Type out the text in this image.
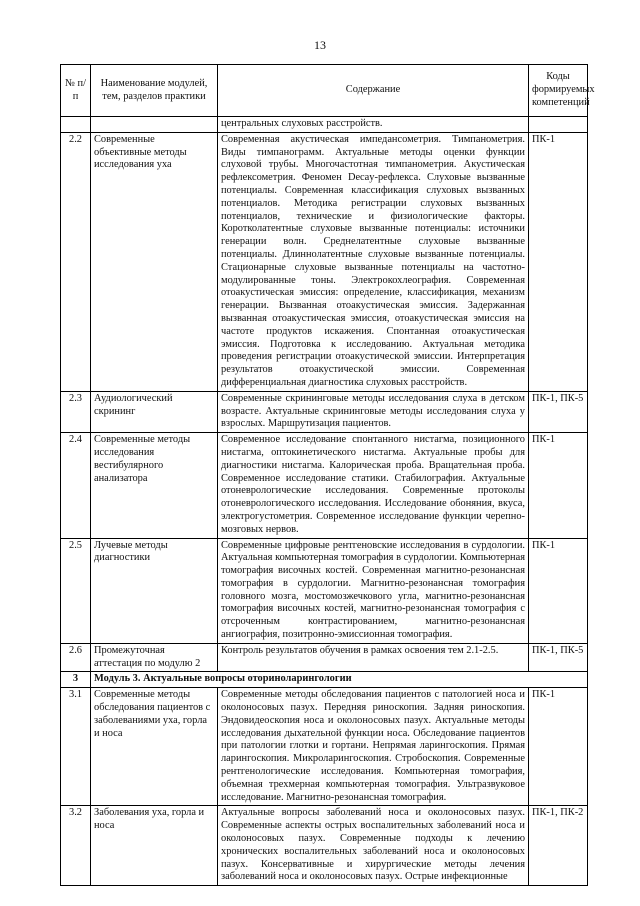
13
№ п/п	Наименование модулей, тем, разделов практики	Содержание	Коды формируемых компетенций
		центральных слуховых расстройств.	
2.2	Современные объективные методы исследования уха	Современная акустическая импедансометрия. Тимпанометрия. Виды тимпанограмм. Актуальные методы оценки функции слуховой трубы. Многочастотная тимпанометрия. Акустическая рефлексометрия. Феномен Decay-рефлекса. Слуховые вызванные потенциалы. Современная классификация слуховых вызванных потенциалов. Методика регистрации слуховых вызванных потенциалов, технические и физиологические факторы. Коротколатентные слуховые вызванные потенциалы: источники генерации волн. Среднелатентные слуховые вызванные потенциалы. Длиннолатентные слуховые вызванные потенциалы. Стационарные слуховые вызванные потенциалы на частотно-модулированные тоны. Электрокохлеография. Современная отоакустическая эмиссия: определение, классификация, механизм генерации. Вызванная отоакустическая эмиссия. Задержанная вызванная отоакустическая эмиссия, отоакустическая эмиссия на частоте продуктов искажения. Спонтанная отоакустическая эмиссия. Подготовка к исследованию. Актуальная методика проведения регистрации отоакустической эмиссии. Интерпретация результатов отоакустической эмиссии. Современная дифференциальная диагностика слуховых расстройств.	ПК-1
2.3	Аудиологический скрининг	Современные скрининговые методы исследования слуха в детском возрасте. Актуальные скрининговые методы исследования слуха у взрослых. Маршрутизация пациентов.	ПК-1, ПК-5
2.4	Современные методы исследования вестибулярного анализатора	Современное исследование спонтанного нистагма, позиционного нистагма, оптокинетического нистагма. Актуальные пробы для диагностики нистагма. Калорическая проба. Вращательная проба. Современное исследование статики. Стабилография. Актуальные отоневрологические исследования. Современные протоколы отоневрологического исследования. Исследование обоняния, вкуса, электрогустометрия. Современное исследование функции черепно-мозговых нервов.	ПК-1
2.5	Лучевые методы диагностики	Современные цифровые рентгеновские исследования в сурдологии. Актуальная компьютерная томография в сурдологии. Компьютерная томография височных костей. Современная магнитно-резонансная томография в сурдологии. Магнитно-резонансная томография головного мозга, мостомозжечкового угла, магнитно-резонансная томография височных костей, магнитно-резонансная томография с отсроченным контрастированием, магнитно-резонансная ангиография, позитронно-эмиссионная томография.	ПК-1
2.6	Промежуточная аттестация по модулю 2	Контроль результатов обучения в рамках освоения тем 2.1-2.5.	ПК-1, ПК-5
3	Модуль 3. Актуальные вопросы оториноларингологии		
3.1	Современные методы обследования пациентов с заболеваниями уха, горла и носа	Современные методы обследования пациентов с патологией носа и околоносовых пазух. Передняя риноскопия. Задняя риноскопия. Эндовидеоскопия носа и околоносовых пазух. Актуальные методы исследования дыхательной функции носа. Обследование пациентов при патологии глотки и гортани. Непрямая ларингоскопия. Прямая ларингоскопия. Микроларингоскопия. Стробоскопия. Современные рентгенологические исследования. Компьютерная томография, объемная трехмерная компьютерная томография. Ультразвуковое исследование. Магнитно-резонансная томография.	ПК-1
3.2	Заболевания уха, горла и носа	Актуальные вопросы заболеваний носа и околоносовых пазух. Современные аспекты острых воспалительных заболеваний носа и околоносовых пазух. Современные подходы к лечению хронических воспалительных заболеваний носа и околоносовых пазух. Консервативные и хирургические методы лечения заболеваний носа и околоносовых пазух. Острые инфекционные	ПК-1, ПК-2
